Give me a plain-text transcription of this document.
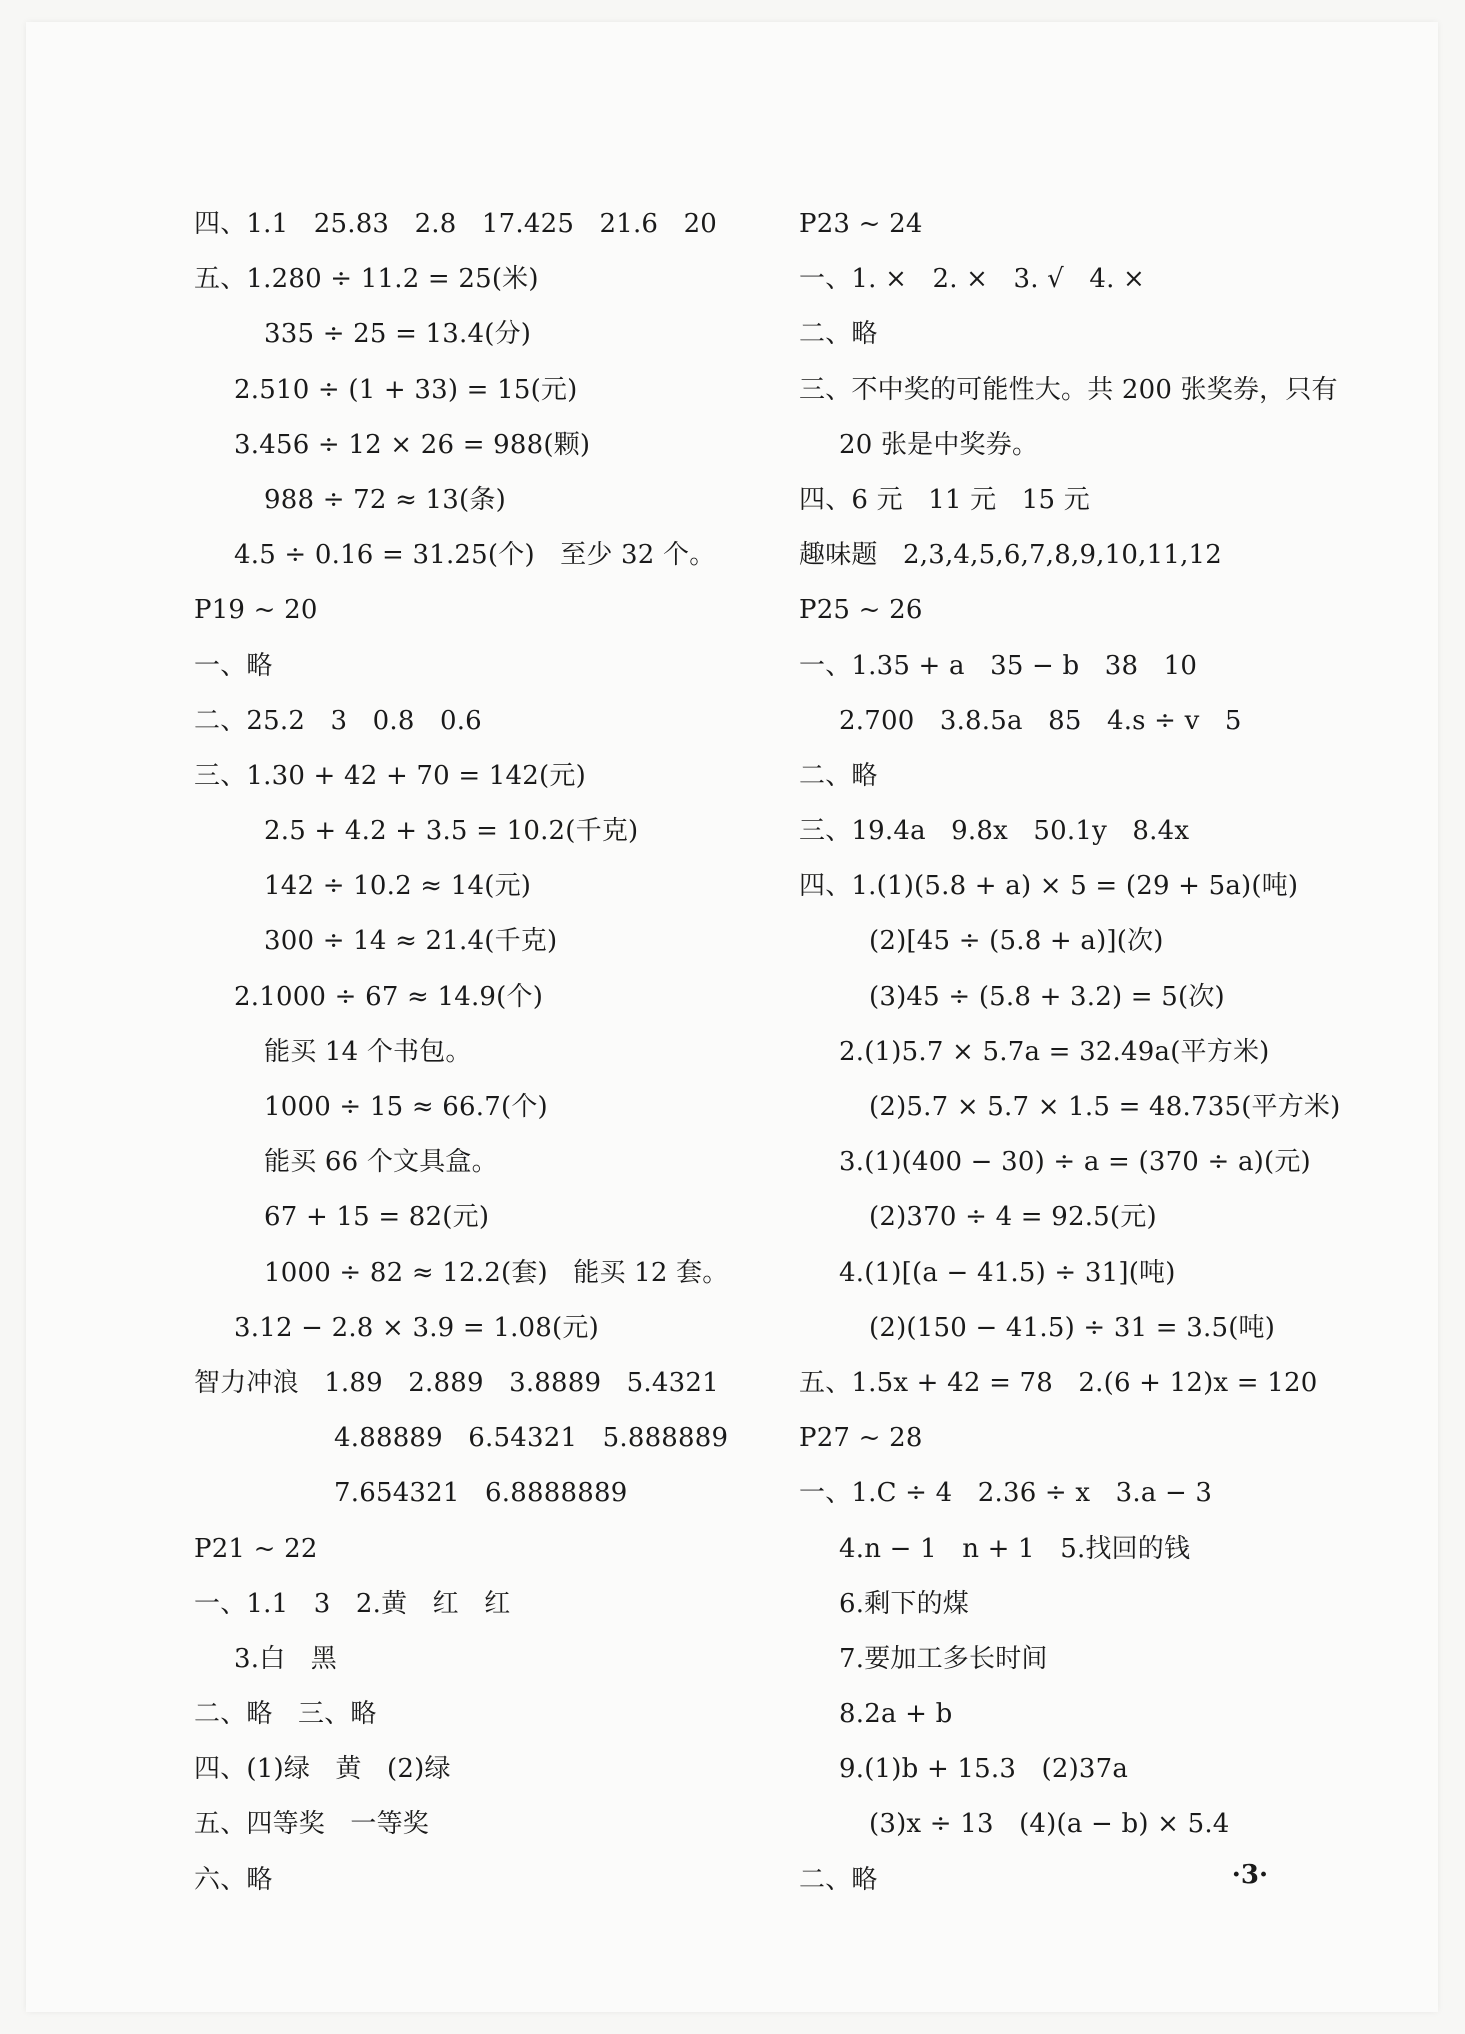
四、1.1   25.83   2.8   17.425   21.6   20
五、1.280 ÷ 11.2 = 25(米)
335 ÷ 25 = 13.4(分)
2.510 ÷ (1 + 33) = 15(元)
3.456 ÷ 12 × 26 = 988(颗)
988 ÷ 72 ≈ 13(条)
4.5 ÷ 0.16 = 31.25(个)   至少 32 个。
P19 ~ 20
一、略
二、25.2   3   0.8   0.6
三、1.30 + 42 + 70 = 142(元)
2.5 + 4.2 + 3.5 = 10.2(千克)
142 ÷ 10.2 ≈ 14(元)
300 ÷ 14 ≈ 21.4(千克)
2.1000 ÷ 67 ≈ 14.9(个)
能买 14 个书包。
1000 ÷ 15 ≈ 66.7(个)
能买 66 个文具盒。
67 + 15 = 82(元)
1000 ÷ 82 ≈ 12.2(套)   能买 12 套。
3.12 − 2.8 × 3.9 = 1.08(元)
智力冲浪   1.89   2.889   3.8889   5.4321
4.88889   6.54321   5.888889
7.654321   6.8888889
P21 ~ 22
一、1.1   3   2.黄   红   红
3.白   黑
二、略   三、略
四、(1)绿   黄   (2)绿
五、四等奖   一等奖
六、略
P23 ~ 24
一、1. ×   2. ×   3. √   4. ×
二、略
三、不中奖的可能性大。共 200 张奖券，只有
20 张是中奖券。
四、6 元   11 元   15 元
趣味题   2,3,4,5,6,7,8,9,10,11,12
P25 ~ 26
一、1.35 + a   35 − b   38   10
2.700   3.8.5a   85   4.s ÷ v   5
二、略
三、19.4a   9.8x   50.1y   8.4x
四、1.(1)(5.8 + a) × 5 = (29 + 5a)(吨)
(2)[45 ÷ (5.8 + a)](次)
(3)45 ÷ (5.8 + 3.2) = 5(次)
2.(1)5.7 × 5.7a = 32.49a(平方米)
(2)5.7 × 5.7 × 1.5 = 48.735(平方米)
3.(1)(400 − 30) ÷ a = (370 ÷ a)(元)
(2)370 ÷ 4 = 92.5(元)
4.(1)[(a − 41.5) ÷ 31](吨)
(2)(150 − 41.5) ÷ 31 = 3.5(吨)
五、1.5x + 42 = 78   2.(6 + 12)x = 120
P27 ~ 28
一、1.C ÷ 4   2.36 ÷ x   3.a − 3
4.n − 1   n + 1   5.找回的钱
6.剩下的煤
7.要加工多长时间
8.2a + b
9.(1)b + 15.3   (2)37a
(3)x ÷ 13   (4)(a − b) × 5.4
二、略	·3·
